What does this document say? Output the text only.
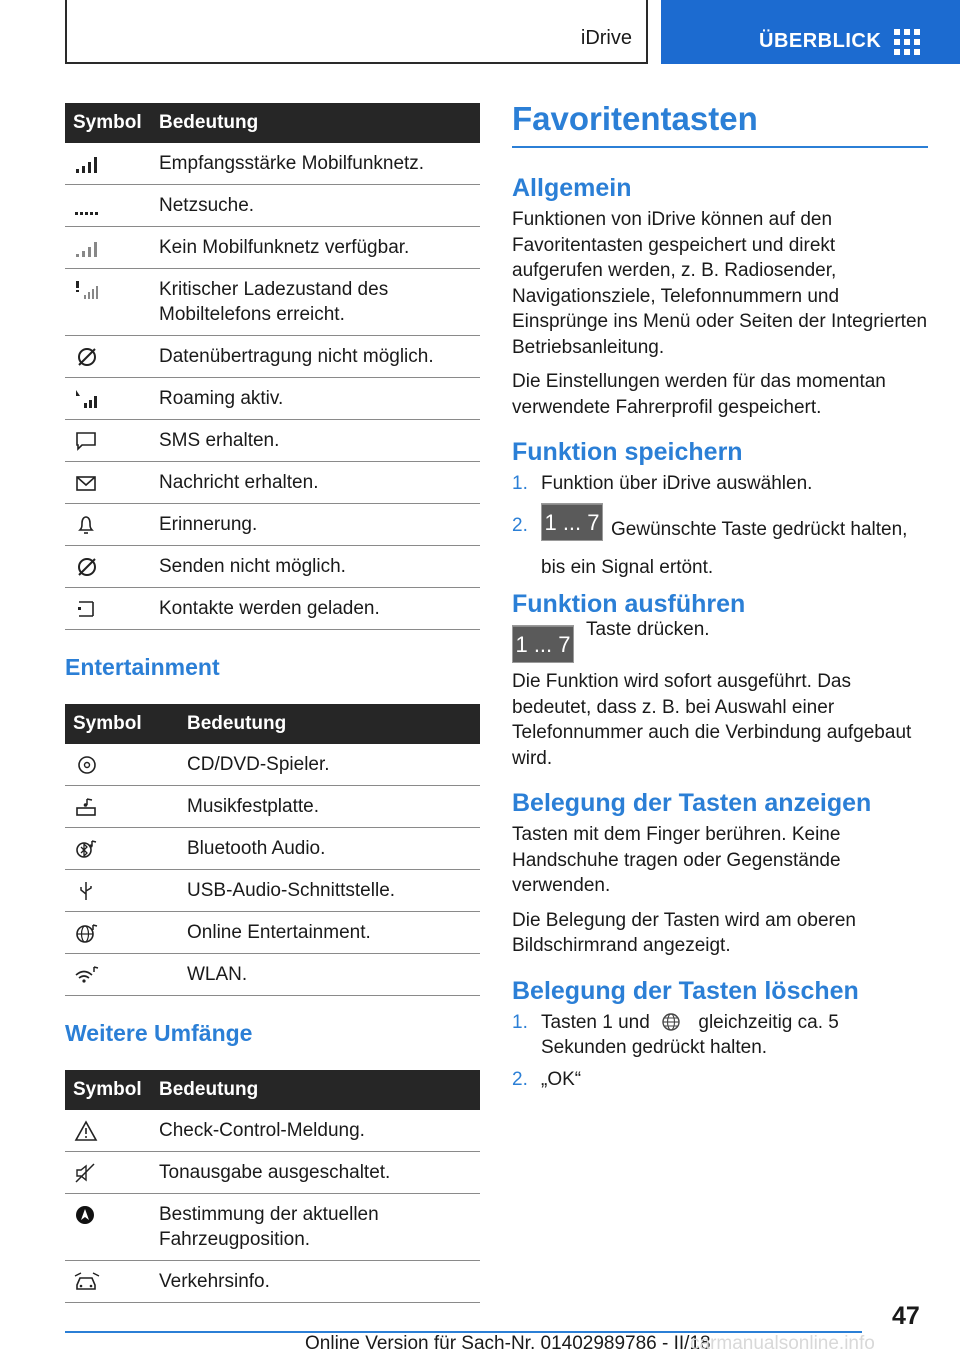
iDrive	ÜBERBLICK
Symbol	Bedeutung
	Empfangsstärke Mobilfunknetz.
	Netzsuche.
	Kein Mobilfunknetz verfügbar.
	Kritischer Ladezustand des Mobiltelefons erreicht.
	Datenübertragung nicht möglich.
	Roaming aktiv.
	SMS erhalten.
	Nachricht erhalten.
	Erinnerung.
	Senden nicht möglich.
	Kontakte werden geladen.
Entertainment
Symbol	Bedeutung
	CD/DVD-Spieler.
	Musikfestplatte.
	Bluetooth Audio.
	USB-Audio-Schnittstelle.
	Online Entertainment.
	WLAN.
Weitere Umfänge
Symbol	Bedeutung
	Check-Control-Meldung.
	Tonausgabe ausgeschaltet.
	Bestimmung der aktuellen Fahrzeugposition.
	Verkehrsinfo.
Favoritentasten
Allgemein

Funktionen von iDrive können auf den Favoritentasten gespeichert und direkt aufgerufen werden, z. B. Radiosender, Navigationsziele, Telefonnummern und Einsprünge ins Menü oder Seiten der Integrierten Betriebsanleitung.

Die Einstellungen werden für das momentan verwendete Fahrerprofil gespeichert.

Funktion speichern
1. Funktion über iDrive auswählen.
2. 1 ... 7 Gewünschte Taste gedrückt halten, bis ein Signal ertönt.
Funktion ausführen
1 ... 7
Taste drücken.

Die Funktion wird sofort ausgeführt. Das bedeutet, dass z. B. bei Auswahl einer Telefonnummer auch die Verbindung aufgebaut wird.

Belegung der Tasten anzeigen

Tasten mit dem Finger berühren. Keine Handschuhe tragen oder Gegenstände verwenden.

Die Belegung der Tasten wird am oberen Bildschirmrand angezeigt.

Belegung der Tasten löschen
1. Tasten 1 und	gleichzeitig ca. 5 Sekunden gedrückt halten.
2. „OK“
47
Online Version für Sach-Nr. 01402989786 - II/18
carmanualsonline.info
